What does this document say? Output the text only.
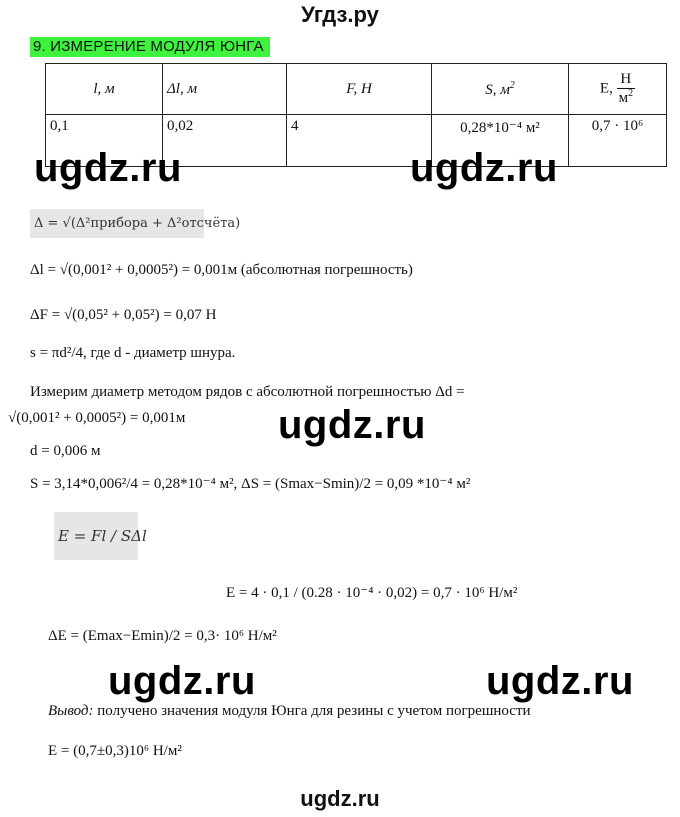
Угдз.ру
9. ИЗМЕРЕНИЕ МОДУЛЯ ЮНГА
l, м	Δl, м	F, H	S, $м^2$	E, $\frac{Н}{м^2}$

0,1	0,02	4	0,28*10⁻⁴ м²	0,7 · 10⁶
ugdz.ru	ugdz.ru
ugdz.ru
ugdz.ru	ugdz.ru
Δ = √(Δ²прибора + Δ²отсчёта)
Δl = √(0,001² + 0,0005²) = 0,001м (абсолютная погрешность)
ΔF = √(0,05² + 0,05²) = 0,07 Н
s = πd²/4, где d - диаметр шнура.
Измерим диаметр методом рядов с абсолютной погрешностью Δd =
√(0,001² + 0,0005²) = 0,001м
d = 0,006 м
S = 3,14*0,006²/4 = 0,28*10⁻⁴ м², ΔS = (Smax−Smin)/2 = 0,09 *10⁻⁴ м²
E = Fl / SΔl
E = 4 · 0,1 / (0.28 · 10⁻⁴ · 0,02) = 0,7 · 10⁶ Н/м²
ΔE = (Emax−Emin)/2 = 0,3· 10⁶ Н/м²
Вывод: получено значения модуля Юнга для резины с учетом погрешности
E = (0,7±0,3)10⁶ Н/м²
ugdz.ru
